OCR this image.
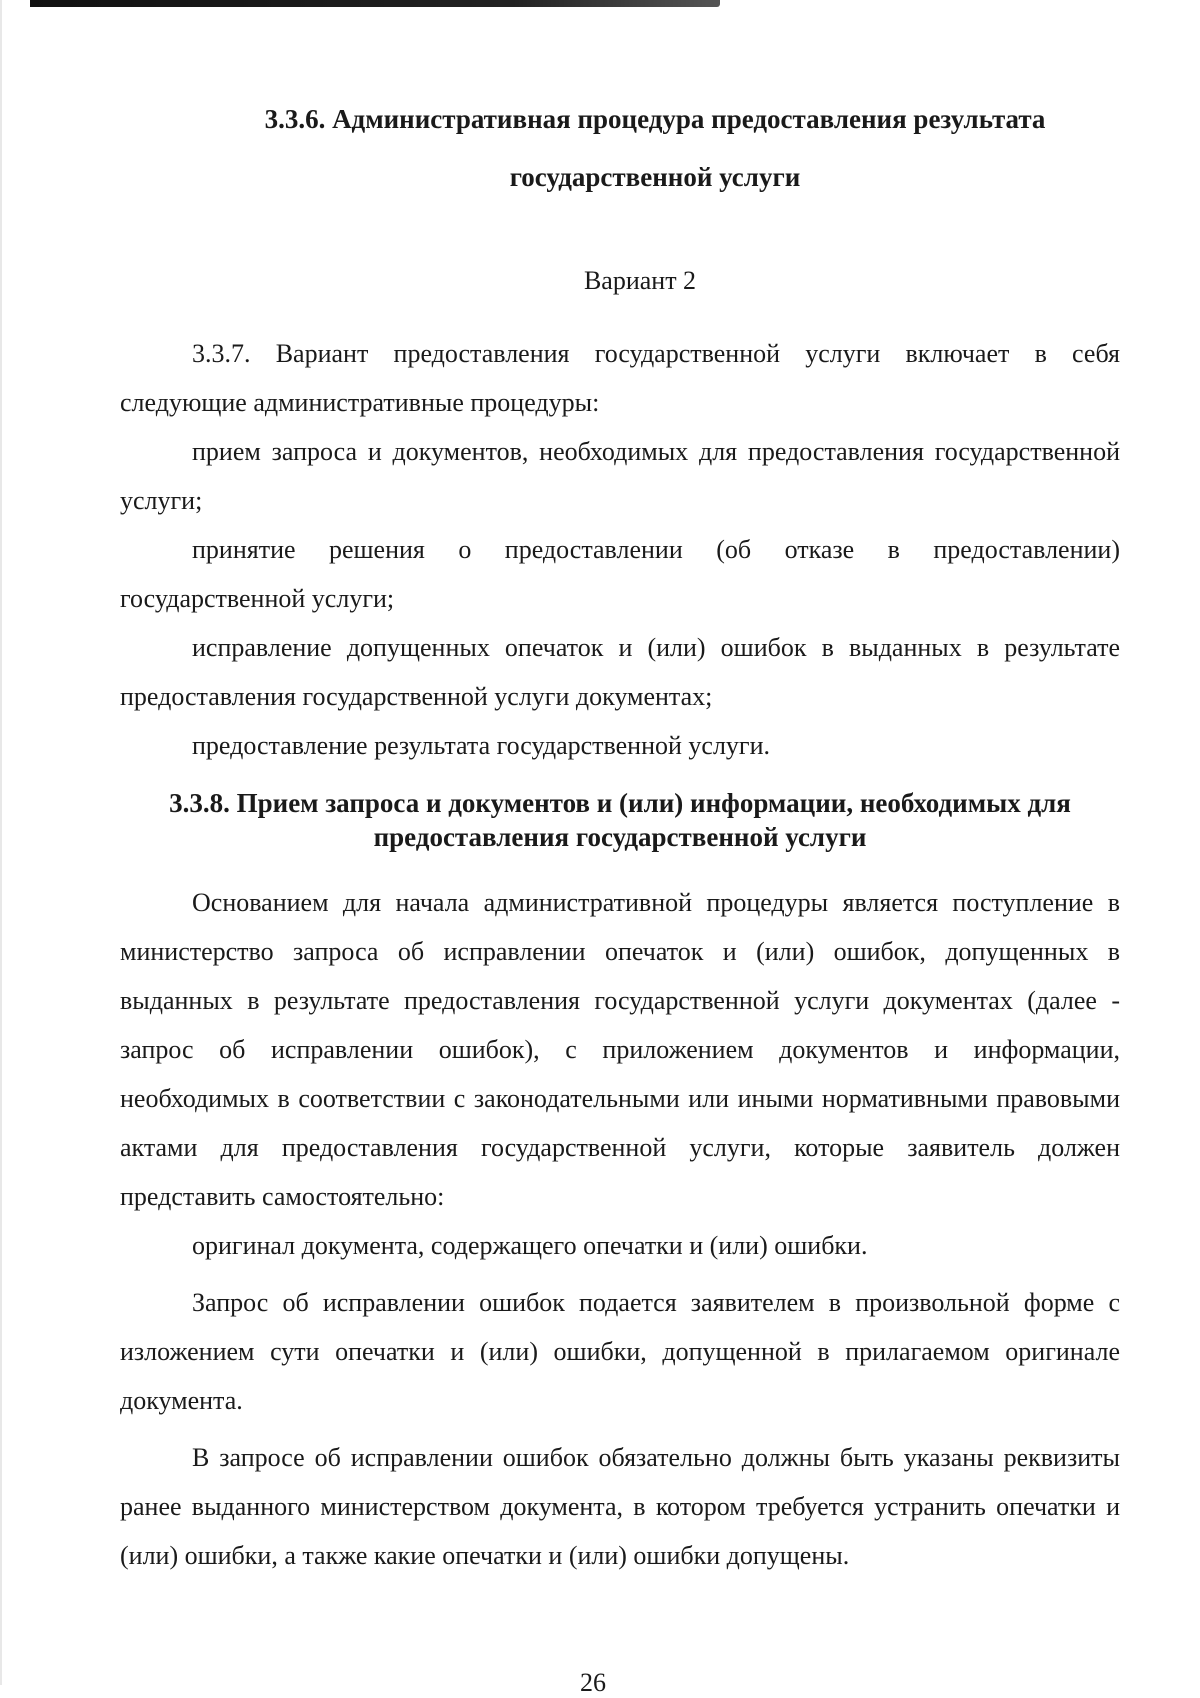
3.3.6. Административная процедура предоставления результата
государственной услуги
Вариант 2

3.3.7. Вариант предоставления государственной услуги включает в себя следующие административные процедуры:

прием запроса и документов, необходимых для предоставления государственной услуги;

принятие решения о предоставлении (об отказе в предоставлении) государственной услуги;

исправление допущенных опечаток и (или) ошибок в выданных в результате предоставления государственной услуги документах;

предоставление результата государственной услуги.

3.3.8. Прием запроса и документов и (или) информации, необходимых для
предоставления государственной услуги

Основанием для начала административной процедуры является поступление в министерство запроса об исправлении опечаток и (или) ошибок, допущенных в выданных в результате предоставления государственной услуги документах (далее - запрос об исправлении ошибок), с приложением документов и информации, необходимых в соответствии с законодательными или иными нормативными правовыми актами для предоставления государственной услуги, которые заявитель должен представить самостоятельно:

оригинал документа, содержащего опечатки и (или) ошибки.

Запрос об исправлении ошибок подается заявителем в произвольной форме с изложением сути опечатки и (или) ошибки, допущенной в прилагаемом оригинале документа.

В запросе об исправлении ошибок обязательно должны быть указаны реквизиты ранее выданного министерством документа, в котором требуется устранить опечатки и (или) ошибки, а также какие опечатки и (или) ошибки допущены.

26
